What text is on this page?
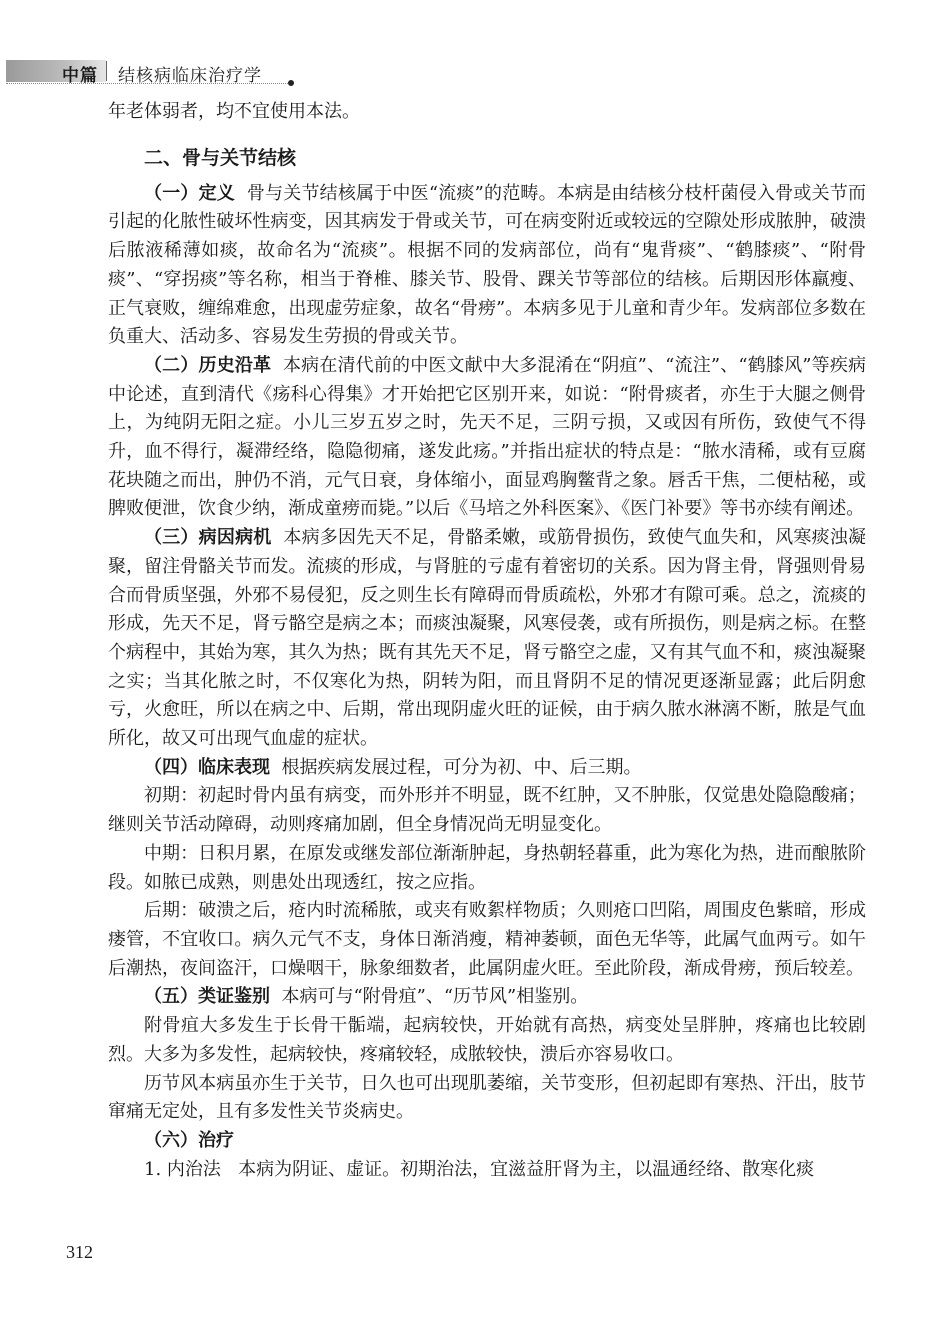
中篇 结核病临床治疗学

年老体弱者，均不宜使用本法。

二、骨与关节结核

（一）定义 骨与关节结核属于中医“流痰”的范畴。本病是由结核分枝杆菌侵入骨或关节而引起的化脓性破坏性病变，因其病发于骨或关节，可在病变附近或较远的空隙处形成脓肿，破溃后脓液稀薄如痰，故命名为“流痰”。根据不同的发病部位，尚有“鬼背痰”、“鹤膝痰”、“附骨痰”、“穿拐痰”等名称，相当于脊椎、膝关节、股骨、踝关节等部位的结核。后期因形体羸瘦、正气衰败，缠绵难愈，出现虚劳症象，故名“骨痨”。本病多见于儿童和青少年。发病部位多数在负重大、活动多、容易发生劳损的骨或关节。

（二）历史沿革 本病在清代前的中医文献中大多混淆在“阴疽”、“流注”、“鹤膝风”等疾病中论述，直到清代《疡科心得集》才开始把它区别开来，如说：“附骨痰者，亦生于大腿之侧骨上，为纯阴无阳之症。小儿三岁五岁之时，先天不足，三阴亏损，又或因有所伤，致使气不得升，血不得行，凝滞经络，隐隐彻痛，遂发此疡。”并指出症状的特点是：“脓水清稀，或有豆腐花块随之而出，肿仍不消，元气日衰，身体缩小，面显鸡胸鳖背之象。唇舌干焦，二便枯秘，或脾败便泄，饮食少纳，渐成童痨而毙。”以后《马培之外科医案》、《医门补要》等书亦续有阐述。

（三）病因病机 本病多因先天不足，骨骼柔嫩，或筋骨损伤，致使气血失和，风寒痰浊凝聚，留注骨骼关节而发。流痰的形成，与肾脏的亏虚有着密切的关系。因为肾主骨，肾强则骨易合而骨质坚强，外邪不易侵犯，反之则生长有障碍而骨质疏松，外邪才有隙可乘。总之，流痰的形成，先天不足，肾亏骼空是病之本；而痰浊凝聚，风寒侵袭，或有所损伤，则是病之标。在整个病程中，其始为寒，其久为热；既有其先天不足，肾亏骼空之虚，又有其气血不和，痰浊凝聚之实；当其化脓之时，不仅寒化为热，阴转为阳，而且肾阴不足的情况更逐渐显露；此后阴愈亏，火愈旺，所以在病之中、后期，常出现阴虚火旺的证候，由于病久脓水淋漓不断，脓是气血所化，故又可出现气血虚的症状。

（四）临床表现 根据疾病发展过程，可分为初、中、后三期。

初期：初起时骨内虽有病变，而外形并不明显，既不红肿，又不肿胀，仅觉患处隐隐酸痛；继则关节活动障碍，动则疼痛加剧，但全身情况尚无明显变化。

中期：日积月累，在原发或继发部位渐渐肿起，身热朝轻暮重，此为寒化为热，进而酿脓阶段。如脓已成熟，则患处出现透红，按之应指。

后期：破溃之后，疮内时流稀脓，或夹有败絮样物质；久则疮口凹陷，周围皮色紫暗，形成瘘管，不宜收口。病久元气不支，身体日渐消瘦，精神萎顿，面色无华等，此属气血两亏。如午后潮热，夜间盗汗，口燥咽干，脉象细数者，此属阴虚火旺。至此阶段，渐成骨痨，预后较差。

（五）类证鉴别 本病可与“附骨疽”、“历节风”相鉴别。

附骨疽大多发生于长骨干骺端，起病较快，开始就有高热，病变处呈胖肿，疼痛也比较剧烈。大多为多发性，起病较快，疼痛较轻，成脓较快，溃后亦容易收口。

历节风本病虽亦生于关节，日久也可出现肌萎缩，关节变形，但初起即有寒热、汗出，肢节窜痛无定处，且有多发性关节炎病史。

（六）治疗

1. 内治法 本病为阴证、虚证。初期治法，宜滋益肝肾为主，以温通经络、散寒化痰

312
